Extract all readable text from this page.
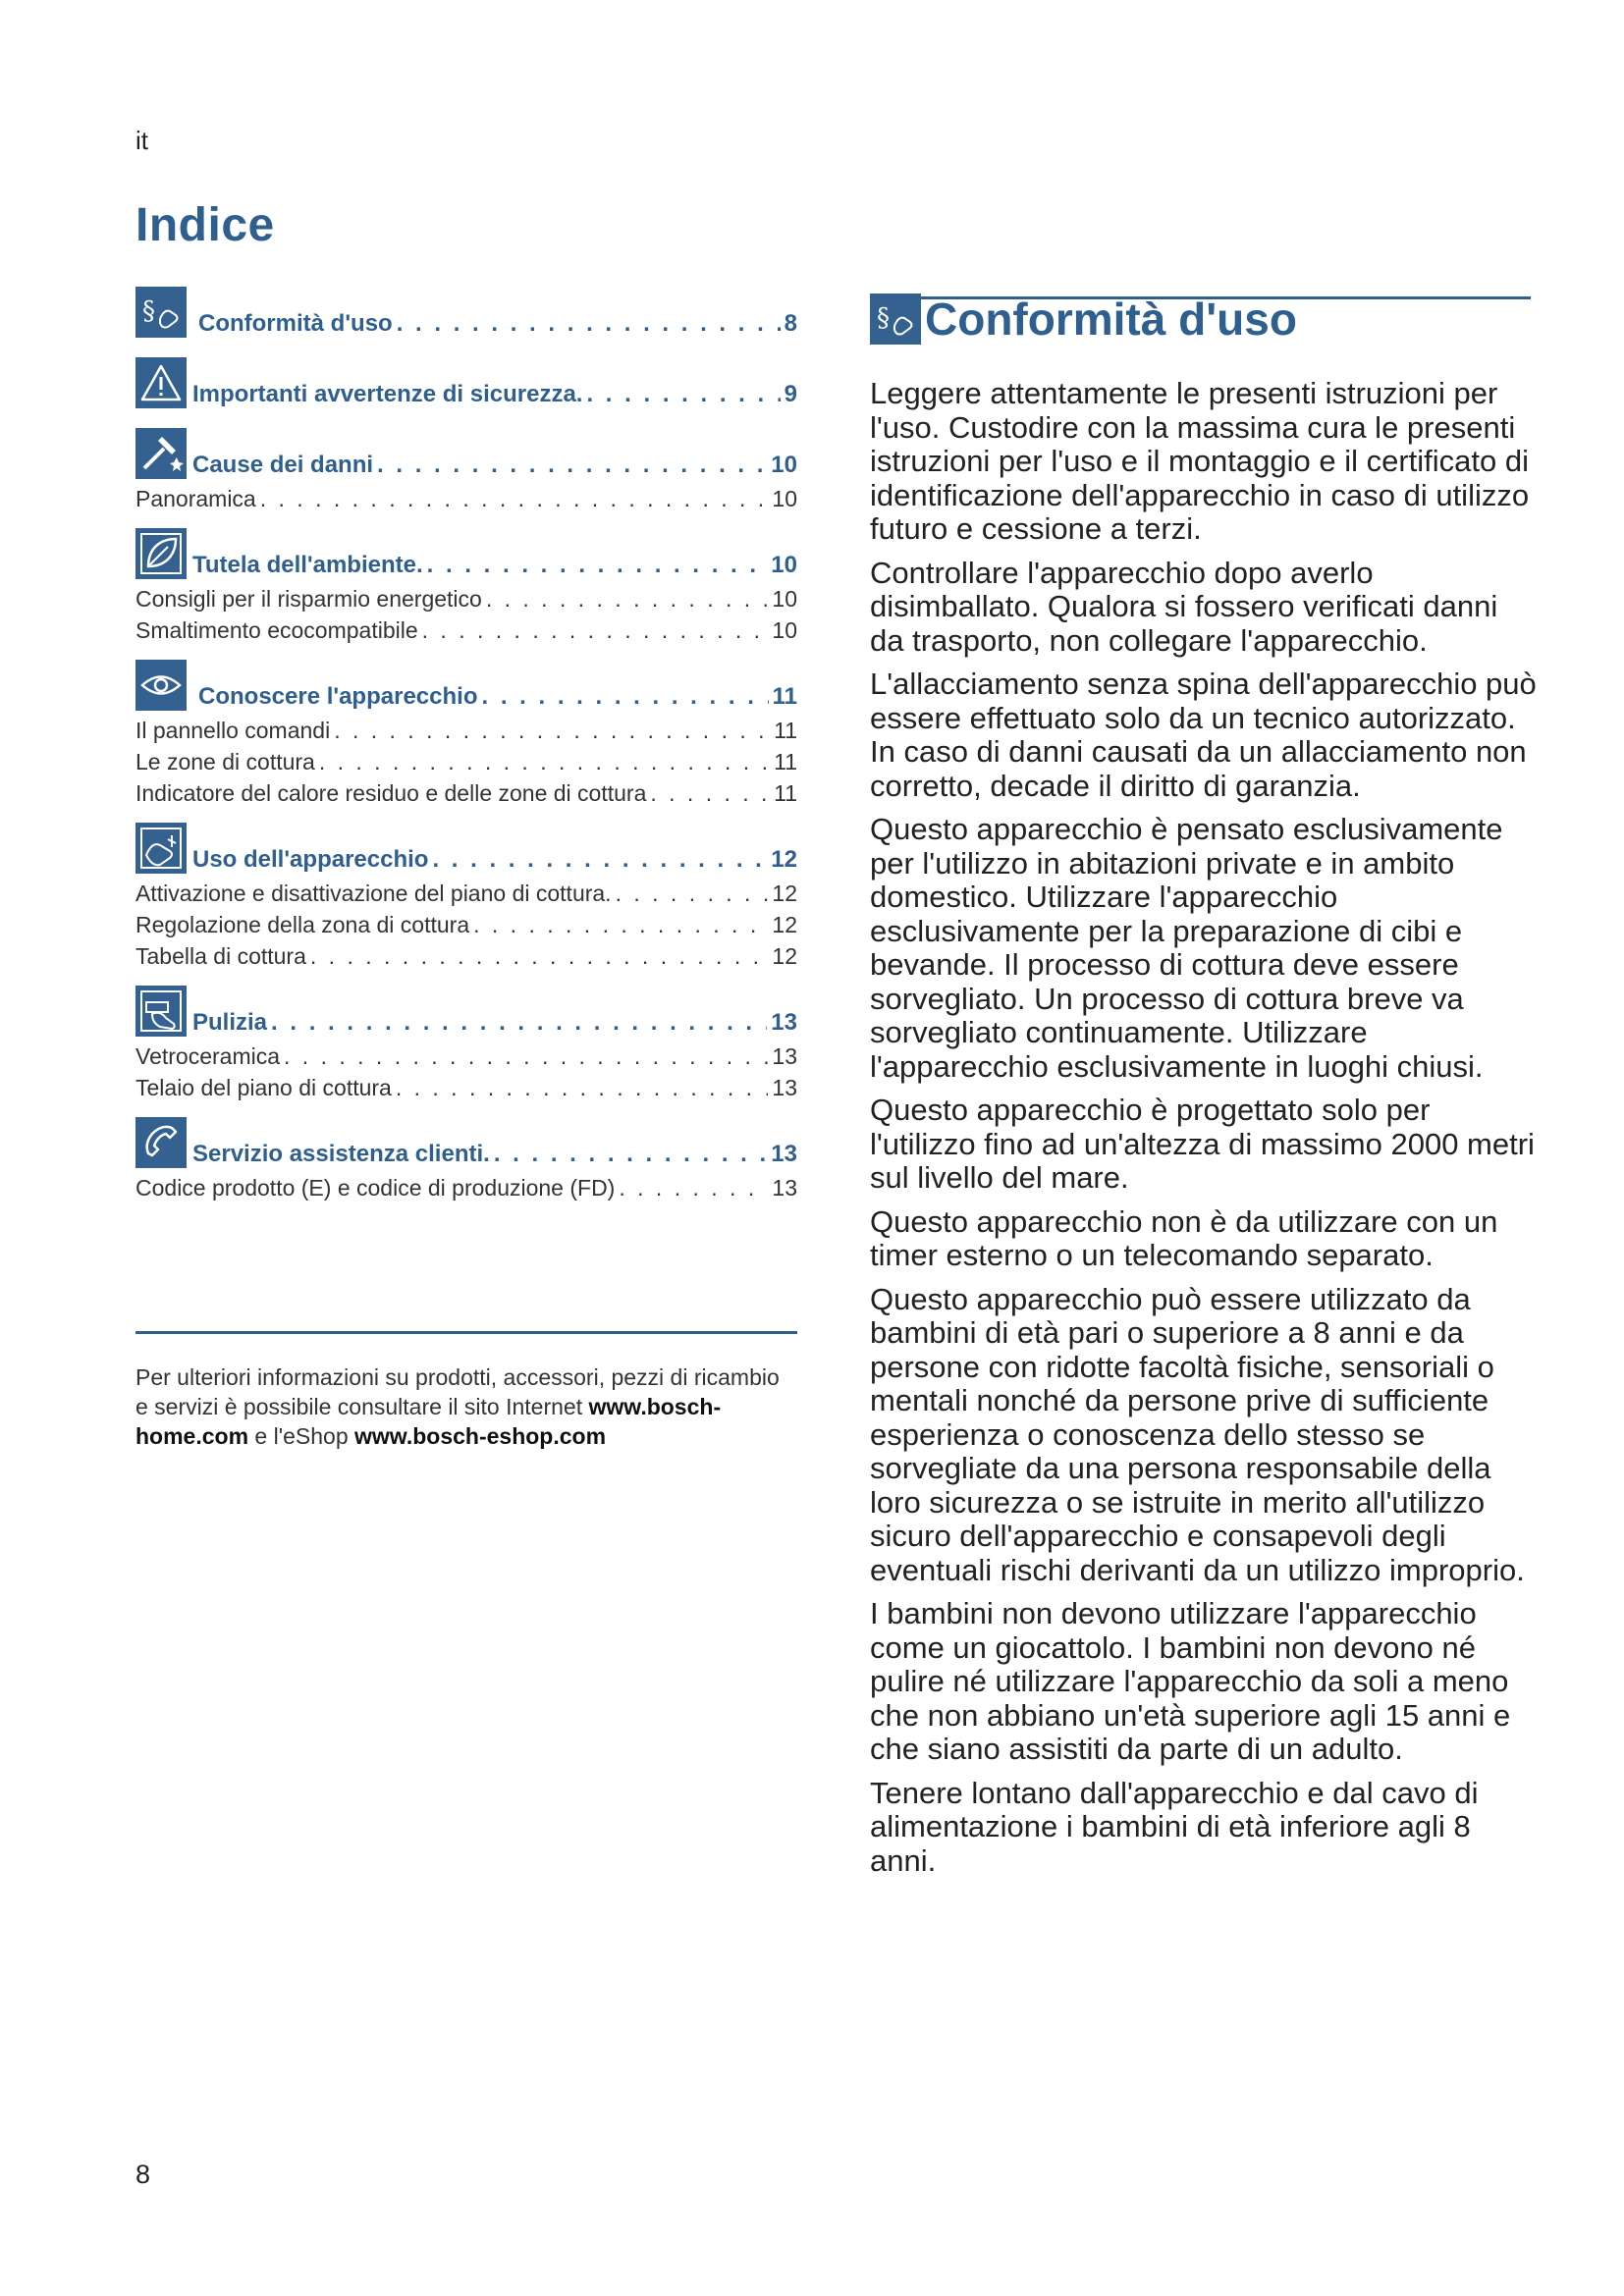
it
Indice
§ Conformità d'uso . . .	8
Importanti avvertenze di sicurezza. . . .	9
Cause dei danni . . .	10
Panoramica . . .	10
Tutela dell'ambiente. . . .	10
Consigli per il risparmio energetico . . .	10
Smaltimento ecocompatibile . . .	10
Conoscere l'apparecchio . . .	11
Il pannello comandi . . .	11
Le zone di cottura . . .	11
Indicatore del calore residuo e delle zone di cottura . . .	11
Uso dell'apparecchio . . .	12
Attivazione e disattivazione del piano di cottura. . . .	12
Regolazione della zona di cottura . . .	12
Tabella di cottura . . .	12
Pulizia . . .	13
Vetroceramica . . .	13
Telaio del piano di cottura . . .	13
Servizio assistenza clienti. . . .	13
Codice prodotto (E) e codice di produzione (FD) . . .	13
Per ulteriori informazioni su prodotti, accessori, pezzi di ricambio e servizi è possibile consultare il sito Internet www.bosch-home.com e l'eShop www.bosch-eshop.com
§ Conformità d'uso

Leggere attentamente le presenti istruzioni per l'uso. Custodire con la massima cura le presenti istruzioni per l'uso e il montaggio e il certificato di identificazione dell'apparecchio in caso di utilizzo futuro e cessione a terzi.

Controllare l'apparecchio dopo averlo disimballato. Qualora si fossero verificati danni da trasporto, non collegare l'apparecchio.

L'allacciamento senza spina dell'apparecchio può essere effettuato solo da un tecnico autorizzato. In caso di danni causati da un allacciamento non corretto, decade il diritto di garanzia.

Questo apparecchio è pensato esclusivamente per l'utilizzo in abitazioni private e in ambito domestico. Utilizzare l'apparecchio esclusivamente per la preparazione di cibi e bevande. Il processo di cottura deve essere sorvegliato. Un processo di cottura breve va sorvegliato continuamente. Utilizzare l'apparecchio esclusivamente in luoghi chiusi.

Questo apparecchio è progettato solo per l'utilizzo fino ad un'altezza di massimo 2000 metri sul livello del mare.

Questo apparecchio non è da utilizzare con un timer esterno o un telecomando separato.

Questo apparecchio può essere utilizzato da bambini di età pari o superiore a 8 anni e da persone con ridotte facoltà fisiche, sensoriali o mentali nonché da persone prive di sufficiente esperienza o conoscenza dello stesso se sorvegliate da una persona responsabile della loro sicurezza o se istruite in merito all'utilizzo sicuro dell'apparecchio e consapevoli degli eventuali rischi derivanti da un utilizzo improprio.

I bambini non devono utilizzare l'apparecchio come un giocattolo. I bambini non devono né pulire né utilizzare l'apparecchio da soli a meno che non abbiano un'età superiore agli 15 anni e che siano assistiti da parte di un adulto.

Tenere lontano dall'apparecchio e dal cavo di alimentazione i bambini di età inferiore agli 8 anni.

8
